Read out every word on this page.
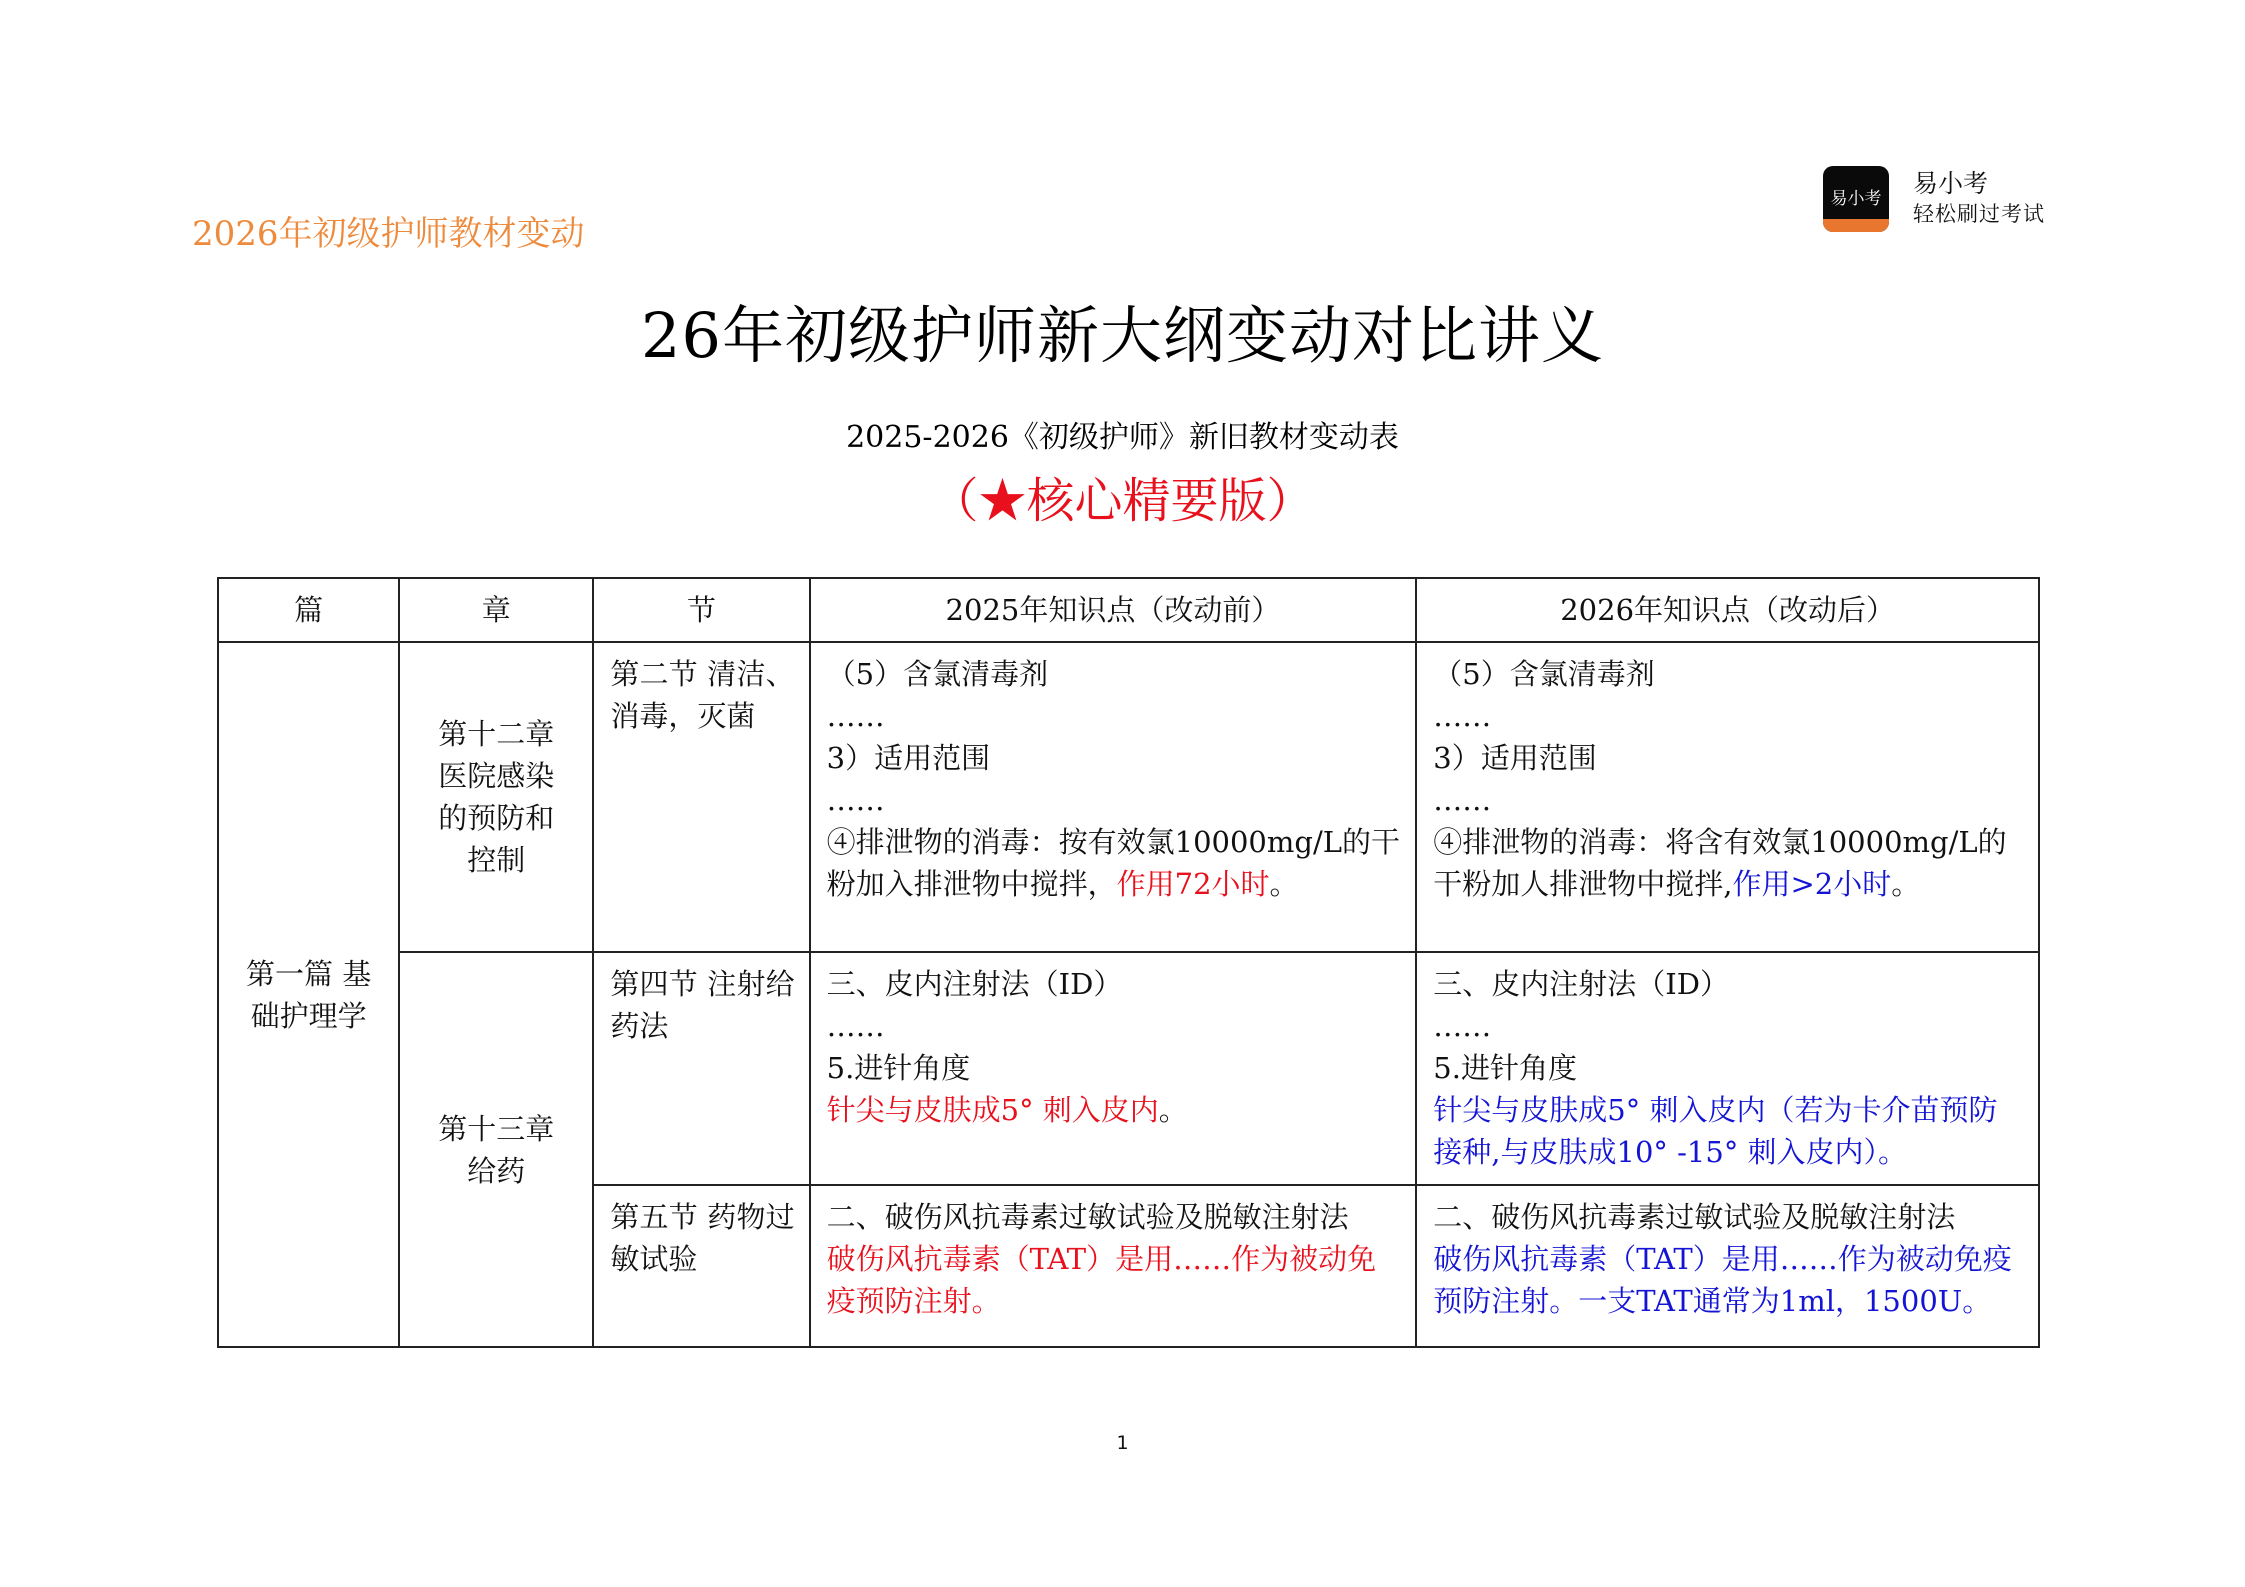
2026年初级护师教材变动
易小考
易小考
轻松刷过考试
26年初级护师新大纲变动对比讲义
2025-2026《初级护师》新旧教材变动表
（★核心精要版）
篇	章	节	2025年知识点（改动前）	2026年知识点（改动后）
第一篇 基础护理学	第十二章医院感染的预防和控制	第二节 清洁、消毒，灭菌	（5）含氯清毒剂
……
3）适用范围
……
④排泄物的消毒：按有效氯10000mg/L的干粉加入排泄物中搅拌，作用72小时。	（5）含氯清毒剂
……
3）适用范围
……
④排泄物的消毒：将含有效氯10000mg/L的干粉加人排泄物中搅拌,作用>2小时。

	第十三章给药	第四节 注射给药法	三、皮内注射法（ID）
……
5.进针角度
针尖与皮肤成5° 刺入皮内。	三、皮内注射法（ID）
……
5.进针角度
针尖与皮肤成5° 刺入皮内（若为卡介苗预防接种,与皮肤成10° -15° 刺入皮内）。

		第五节 药物过敏试验	二、破伤风抗毒素过敏试验及脱敏注射法
破伤风抗毒素（TAT）是用……作为被动免疫预防注射。	二、破伤风抗毒素过敏试验及脱敏注射法
破伤风抗毒素（TAT）是用……作为被动免疫预防注射。一支TAT通常为1ml，1500U。
1
